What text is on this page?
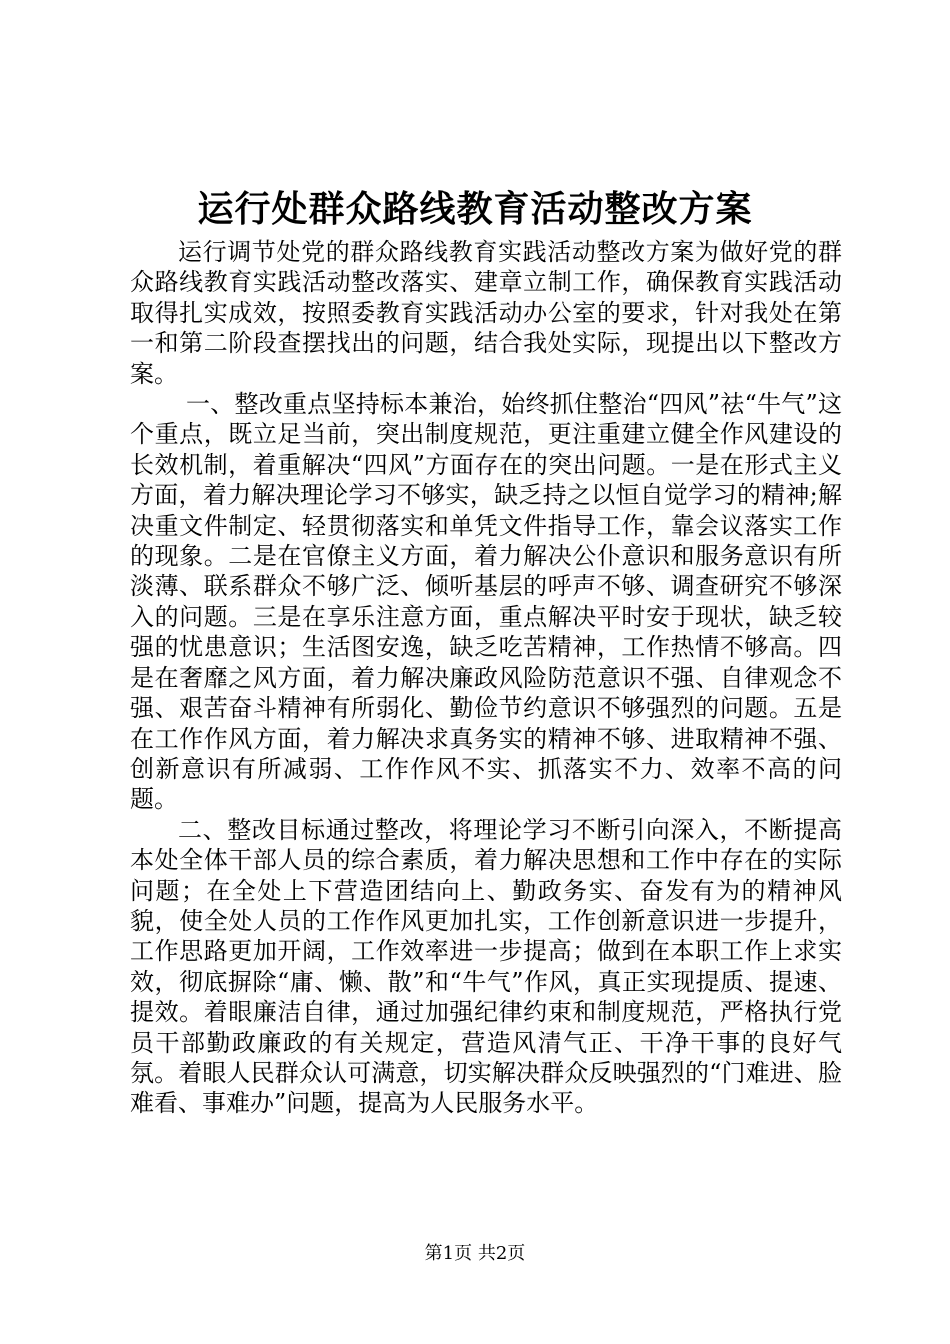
运行处群众路线教育活动整改方案

运行调节处党的群众路线教育实践活动整改方案为做好党的群众路线教育实践活动整改落实、建章立制工作，确保教育实践活动取得扎实成效，按照委教育实践活动办公室的要求，针对我处在第一和第二阶段查摆找出的问题，结合我处实际，现提出以下整改方案。

一、整改重点坚持标本兼治，始终抓住整治“四风”祛“牛气”这个重点，既立足当前，突出制度规范，更注重建立健全作风建设的长效机制，着重解决“四风”方面存在的突出问题。一是在形式主义方面，着力解决理论学习不够实，缺乏持之以恒自觉学习的精神;解决重文件制定、轻贯彻落实和单凭文件指导工作，靠会议落实工作的现象。二是在官僚主义方面，着力解决公仆意识和服务意识有所淡薄、联系群众不够广泛、倾听基层的呼声不够、调查研究不够深入的问题。三是在享乐注意方面，重点解决平时安于现状，缺乏较强的忧患意识；生活图安逸，缺乏吃苦精神，工作热情不够高。四是在奢靡之风方面，着力解决廉政风险防范意识不强、自律观念不强、艰苦奋斗精神有所弱化、勤俭节约意识不够强烈的问题。五是在工作作风方面，着力解决求真务实的精神不够、进取精神不强、创新意识有所减弱、工作作风不实、抓落实不力、效率不高的问题。

二、整改目标通过整改，将理论学习不断引向深入，不断提高本处全体干部人员的综合素质，着力解决思想和工作中存在的实际问题；在全处上下营造团结向上、勤政务实、奋发有为的精神风貌，使全处人员的工作作风更加扎实，工作创新意识进一步提升，工作思路更加开阔，工作效率进一步提高；做到在本职工作上求实效，彻底摒除“庸、懒、散”和“牛气”作风，真正实现提质、提速、提效。着眼廉洁自律，通过加强纪律约束和制度规范，严格执行党员干部勤政廉政的有关规定，营造风清气正、干净干事的良好气氛。着眼人民群众认可满意，切实解决群众反映强烈的“门难进、脸难看、事难办”问题，提高为人民服务水平。

第1页 共2页
